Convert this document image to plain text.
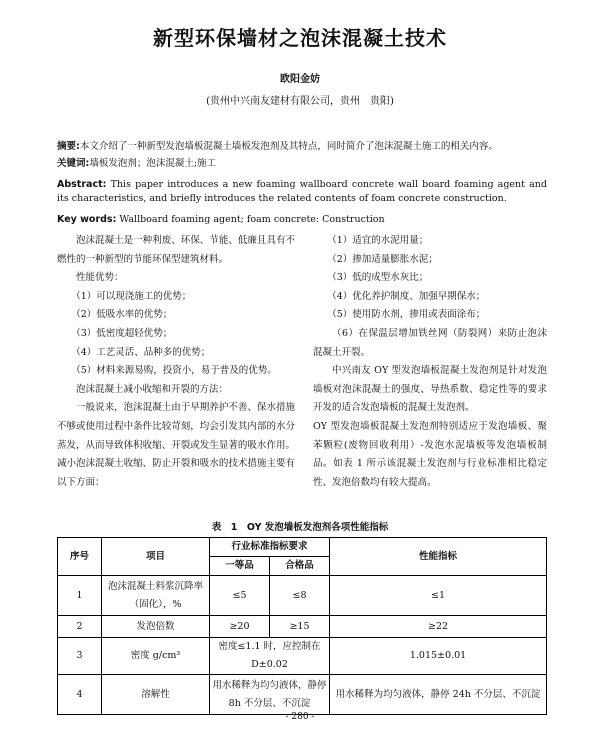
新型环保墙材之泡沫混凝土技术
欧阳金妨
(贵州中兴南友建材有限公司，贵州　贵阳)
摘要:本文介绍了一种新型发泡墙板混凝土墙板发泡剂及其特点，同时简介了泡沫混凝土施工的相关内容。
关键词:墙板发泡剂；泡沫混凝土;施工
Abstract: This paper introduces a new foaming wallboard concrete wall board foaming agent and its characteristics, and briefly introduces the related contents of foam concrete construction.
Key words: Wallboard foaming agent; foam concrete: Construction

泡沫混凝土是一种利废、环保、节能、低廉且具有不燃性的一种新型的节能环保型建筑材料。

性能优势：

（1）可以现浇施工的优势；

（2）低吸水率的优势；

（3）低密度超轻优势；

（4）工艺灵活、品种多的优势；

（5）材料来源易购，投资小，易于普及的优势。

泡沫混凝土减小收缩和开裂的方法：

一般说来，泡沫混凝土由于早期养护不善、保水措施不够或使用过程中条件比较苛刻，均会引发其内部的水分蒸发，从而导致体积收缩、开裂或发生显著的吸水作用。减小泡沫混凝土收缩、防止开裂和吸水的技术措施主要有以下方面：

（1）适宜的水泥用量；

（2）掺加适量膨胀水泥；

（3）低的成型水灰比；

（4）优化养护制度、加强早期保水；

（5）使用防水剂，掺用或表面涂布；

（6）在保温层增加铁丝网（防裂网）来防止泡沫混凝土开裂。

中兴南友 OY 型发泡墙板混凝土发泡剂是针对发泡墙板对泡沫混凝土的强度、导热系数、稳定性等的要求开发的适合发泡墙板的混凝土发泡剂。

OY 型发泡墙板混凝土发泡剂特别适应于发泡墙板、聚苯颗粒(废物回收利用）-发泡水泥墙板等发泡墙板制品。如表 1 所示该混凝土发泡剂与行业标准相比稳定性、发泡倍数均有较大提高。

表　1　OY 发泡墙板发泡剂各项性能指标
序号	项目	行业标准指标要求		性能指标
		一等品	合格品	
1	泡沫混凝土料浆沉降率（固化），%	≤5	≤8	≤1
2	发泡倍数	≥20	≥15	≥22
3	密度 g/cm³	密度≤1.1 时，应控制在 D±0.02		1.015±0.01
4	溶解性	用水稀释为均匀液体，静停 8h 不分层、不沉淀		用水稀释为均匀液体，静停 24h 不分层、不沉淀
- 280 -
